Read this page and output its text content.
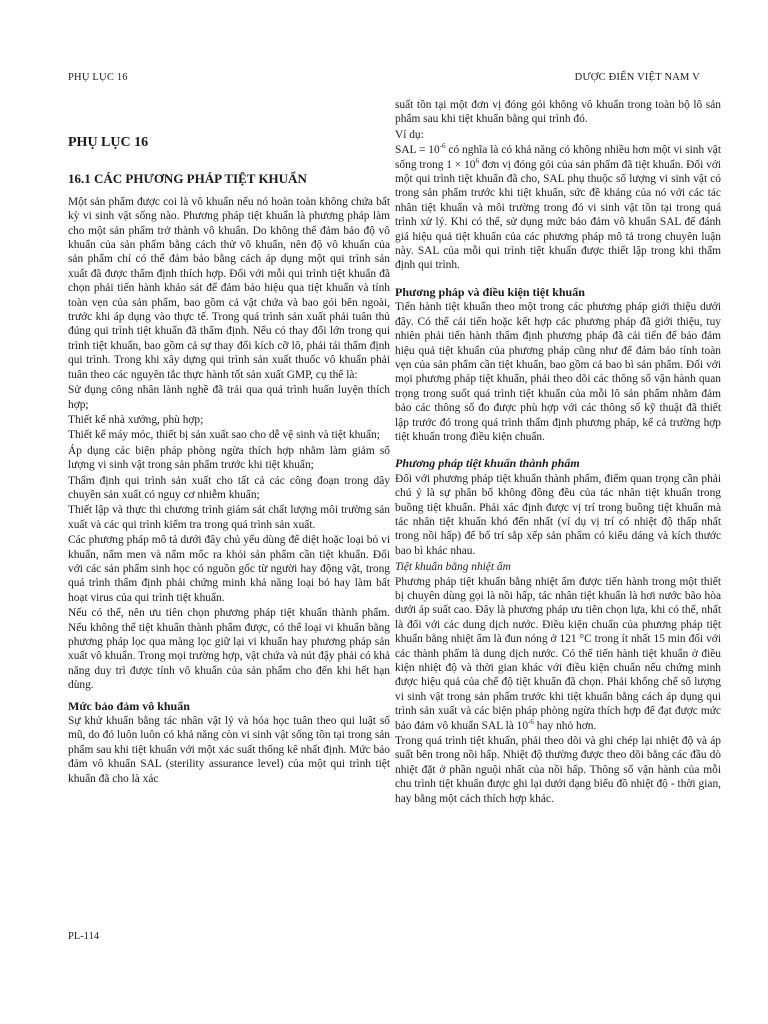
PHỤ LỤC 16	DƯỢC ĐIỂN VIỆT NAM V
PHỤ LỤC 16
16.1 CÁC PHƯƠNG PHÁP TIỆT KHUẨN

Một sản phẩm được coi là vô khuẩn nếu nó hoàn toàn không chứa bất kỳ vi sinh vật sống nào. Phương pháp tiệt khuẩn là phương pháp làm cho một sản phẩm trở thành vô khuẩn. Do không thể đảm bảo độ vô khuẩn của sản phẩm bằng cách thử vô khuẩn, nên độ vô khuẩn của sản phẩm chỉ có thể đảm bảo bằng cách áp dụng một qui trình sản xuất đã được thẩm định thích hợp. Đối với mỗi qui trình tiệt khuẩn đã chọn phải tiến hành khảo sát để đảm bảo hiệu qua tiệt khuẩn và tính toàn vẹn của sản phẩm, bao gồm cả vật chứa và bao gói bên ngoài, trước khi áp dụng vào thực tế. Trong quá trình sản xuất phải tuân thủ đúng qui trình tiệt khuẩn đã thẩm định. Nếu có thay đổi lớn trong qui trình tiệt khuẩn, bao gồm cả sự thay đổi kích cỡ lô, phải tái thẩm định qui trình. Trong khi xây dựng qui trình sản xuất thuốc vô khuẩn phải tuân theo các nguyên tắc thực hành tốt sản xuất GMP, cụ thể là:

Sử dụng công nhân lành nghề đã trải qua quá trình huấn luyện thích hợp;

Thiết kế nhà xưởng, phù hợp;

Thiết kế máy móc, thiết bị sản xuất sao cho dễ vệ sinh và tiệt khuẩn;

Áp dụng các biện pháp phòng ngừa thích hợp nhằm làm giảm số lượng vi sinh vật trong sản phẩm trước khi tiệt khuẩn;

Thẩm định qui trình sản xuất cho tất cả các công đoạn trong dây chuyền sản xuất có nguy cơ nhiễm khuẩn;

Thiết lập và thực thi chương trình giám sát chất lượng môi trường sản xuất và các qui trình kiểm tra trong quá trình sản xuất.

Các phương pháp mô tả dưới đây chủ yếu dùng để diệt hoặc loại bỏ vi khuẩn, nấm men và nấm mốc ra khỏi sản phẩm cần tiệt khuẩn. Đối với các sản phẩm sinh học có nguồn gốc từ người hay động vật, trong quá trình thẩm định phải chứng minh khả năng loại bỏ hay làm bất hoạt virus của qui trình tiệt khuẩn.

Nếu có thể, nên ưu tiên chọn phương pháp tiệt khuẩn thành phẩm. Nếu không thể tiệt khuẩn thành phẩm được, có thể loại vi khuẩn bằng phương pháp lọc qua màng lọc giữ lại vi khuẩn hay phương pháp sản xuất vô khuẩn. Trong mọi trường hợp, vật chứa và nút đậy phải có khả năng duy trì được tính vô khuẩn của sản phẩm cho đến khi hết hạn dùng.

Mức bảo đảm vô khuẩn

Sự khử khuẩn bằng tác nhân vật lý và hóa học tuân theo qui luật số mũ, do đó luôn luôn có khả năng còn vi sinh vật sống tồn tại trong sản phẩm sau khi tiệt khuẩn với một xác suất thống kê nhất định. Mức bảo đảm vô khuẩn SAL (sterility assurance level) của một qui trình tiệt khuẩn đã cho là xác

suất tồn tại một đơn vị đóng gói không vô khuẩn trong toàn bộ lô sản phẩm sau khi tiệt khuẩn bằng qui trình đó.

Ví dụ:

SAL = $10^{-6}$ có nghĩa là có khả năng có không nhiều hơn một vi sinh vật sống trong $1 \times 10^6$ đơn vị đóng gói của sản phẩm đã tiệt khuẩn. Đối với một qui trình tiệt khuẩn đã cho, SAL phụ thuộc số lượng vi sinh vật có trong sản phẩm trước khi tiệt khuẩn, sức đề kháng của nó với các tác nhân tiệt khuẩn và môi trường trong đó vi sinh vật tồn tại trong quá trình xử lý. Khi có thể, sử dụng mức bảo đảm vô khuẩn SAL để đánh giá hiệu quả tiệt khuẩn của các phương pháp mô tả trong chuyên luận này. SAL của mỗi qui trình tiệt khuẩn được thiết lập trong khi thẩm định qui trình.

Phương pháp và điều kiện tiệt khuẩn

Tiến hành tiệt khuẩn theo một trong các phương pháp giới thiệu dưới đây. Có thể cải tiến hoặc kết hợp các phương pháp đã giới thiệu, tuy nhiên phải tiến hành thẩm định phương pháp đã cải tiến để bảo đảm hiệu quả tiệt khuẩn của phương pháp cũng như để đảm bảo tính toàn vẹn của sản phẩm cần tiệt khuẩn, bao gồm cả bao bì sản phẩm. Đối với mọi phương pháp tiệt khuẩn, phải theo dõi các thông số vận hành quan trọng trong suốt quá trình tiệt khuẩn của mỗi lô sản phẩm nhằm đảm bảo các thông số đo được phù hợp với các thông số kỹ thuật đã thiết lập trước đó trong quá trình thẩm định phương pháp, kể cả trường hợp tiệt khuẩn trong điều kiện chuẩn.

Phương pháp tiệt khuẩn thành phẩm

Đối với phương pháp tiệt khuẩn thành phẩm, điểm quan trọng cần phải chú ý là sự phân bố không đồng đều của tác nhân tiệt khuẩn trong buồng tiệt khuẩn. Phải xác định được vị trí trong buồng tiệt khuẩn mà tác nhân tiệt khuẩn khó đến nhất (ví dụ vị trí có nhiệt độ thấp nhất trong nồi hấp) để bố trí sắp xếp sản phẩm có kiểu dáng và kích thước bao bì khác nhau.

Tiệt khuẩn bằng nhiệt ẩm

Phương pháp tiệt khuẩn bằng nhiệt ẩm được tiến hành trong một thiết bị chuyên dùng gọi là nồi hấp, tác nhân tiệt khuẩn là hơi nước bão hòa dưới áp suất cao. Đây là phương pháp ưu tiên chọn lựa, khi có thể, nhất là đối với các dung dịch nước. Điều kiện chuẩn của phương pháp tiệt khuẩn bằng nhiệt ẩm là đun nóng ở 121 °C trong ít nhất 15 min đối với các thành phẩm là dung dịch nước. Có thể tiến hành tiệt khuẩn ở điều kiện nhiệt độ và thời gian khác với điều kiện chuẩn nếu chứng minh được hiệu quả của chế độ tiệt khuẩn đã chọn. Phải khống chế số lượng vi sinh vật trong sản phẩm trước khi tiệt khuẩn bằng cách áp dụng qui trình sản xuất và các biện pháp phòng ngừa thích hợp để đạt được mức bảo đảm vô khuẩn SAL là $10^{-6}$ hay nhỏ hơn.

Trong quá trình tiệt khuẩn, phải theo dõi và ghi chép lại nhiệt độ và áp suất bên trong nồi hấp. Nhiệt độ thường được theo dõi bằng các đầu dò nhiệt đặt ở phần nguội nhất của nồi hấp. Thông số vận hành của mỗi chu trình tiệt khuẩn được ghi lại dưới dạng biểu đồ nhiệt độ - thời gian, hay bằng một cách thích hợp khác.

PL-114
